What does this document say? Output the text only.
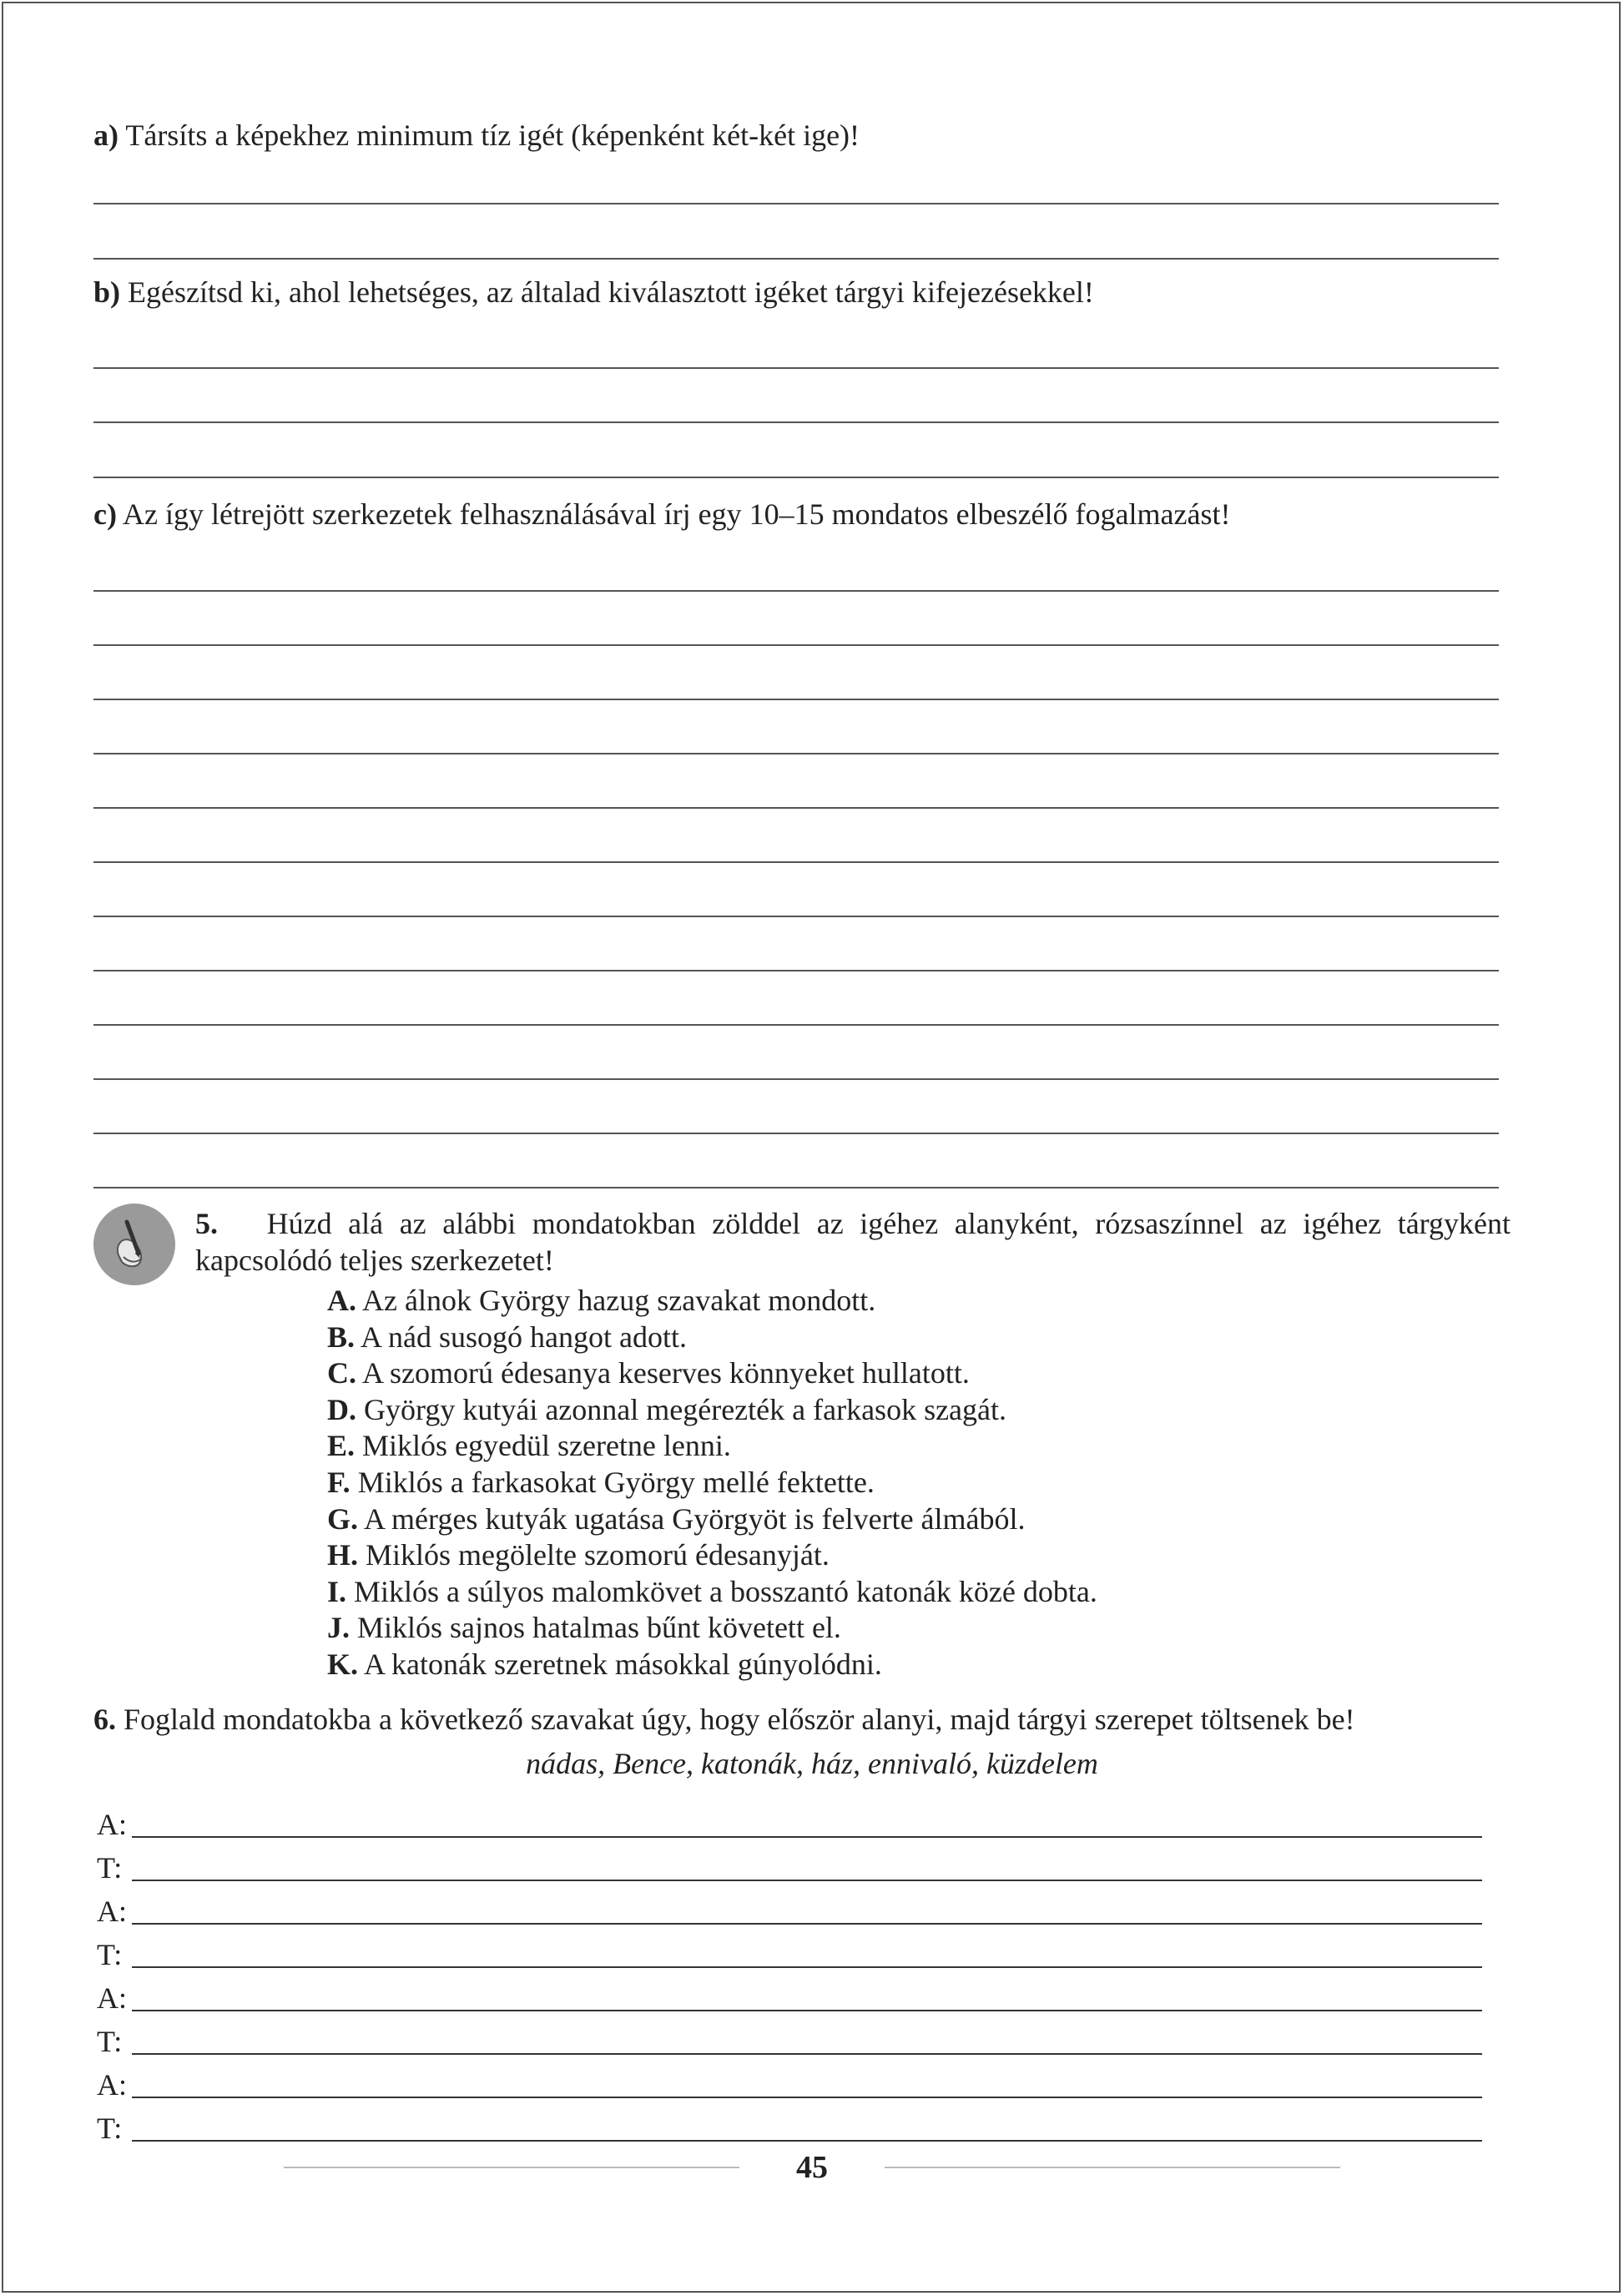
a) Társíts a képekhez minimum tíz igét (képenként két-két ige)!
b) Egészítsd ki, ahol lehetséges, az általad kiválasztott igéket tárgyi kifejezésekkel!
c) Az így létrejött szerkezetek felhasználásával írj egy 10–15 mondatos elbeszélő fogalmazást!
5. Húzd alá az alábbi mondatokban zölddel az igéhez alanyként, rózsaszínnel az igéhez tárgyként kapcsolódó teljes szerkezetet!
A. Az álnok György hazug szavakat mondott.
B. A nád susogó hangot adott.
C. A szomorú édesanya keserves könnyeket hullatott.
D. György kutyái azonnal megérezték a farkasok szagát.
E. Miklós egyedül szeretne lenni.
F. Miklós a farkasokat György mellé fektette.
G. A mérges kutyák ugatása Györgyöt is felverte álmából.
H. Miklós megölelte szomorú édesanyját.
I. Miklós a súlyos malomkövet a bosszantó katonák közé dobta.
J. Miklós sajnos hatalmas bűnt követett el.
K. A katonák szeretnek másokkal gúnyolódni.
6. Foglald mondatokba a következő szavakat úgy, hogy először alanyi, majd tárgyi szerepet töltsenek be!
nádas, Bence, katonák, ház, ennivaló, küzdelem
A:
T:
A:
T:
A:
T:
A:
T:
45
